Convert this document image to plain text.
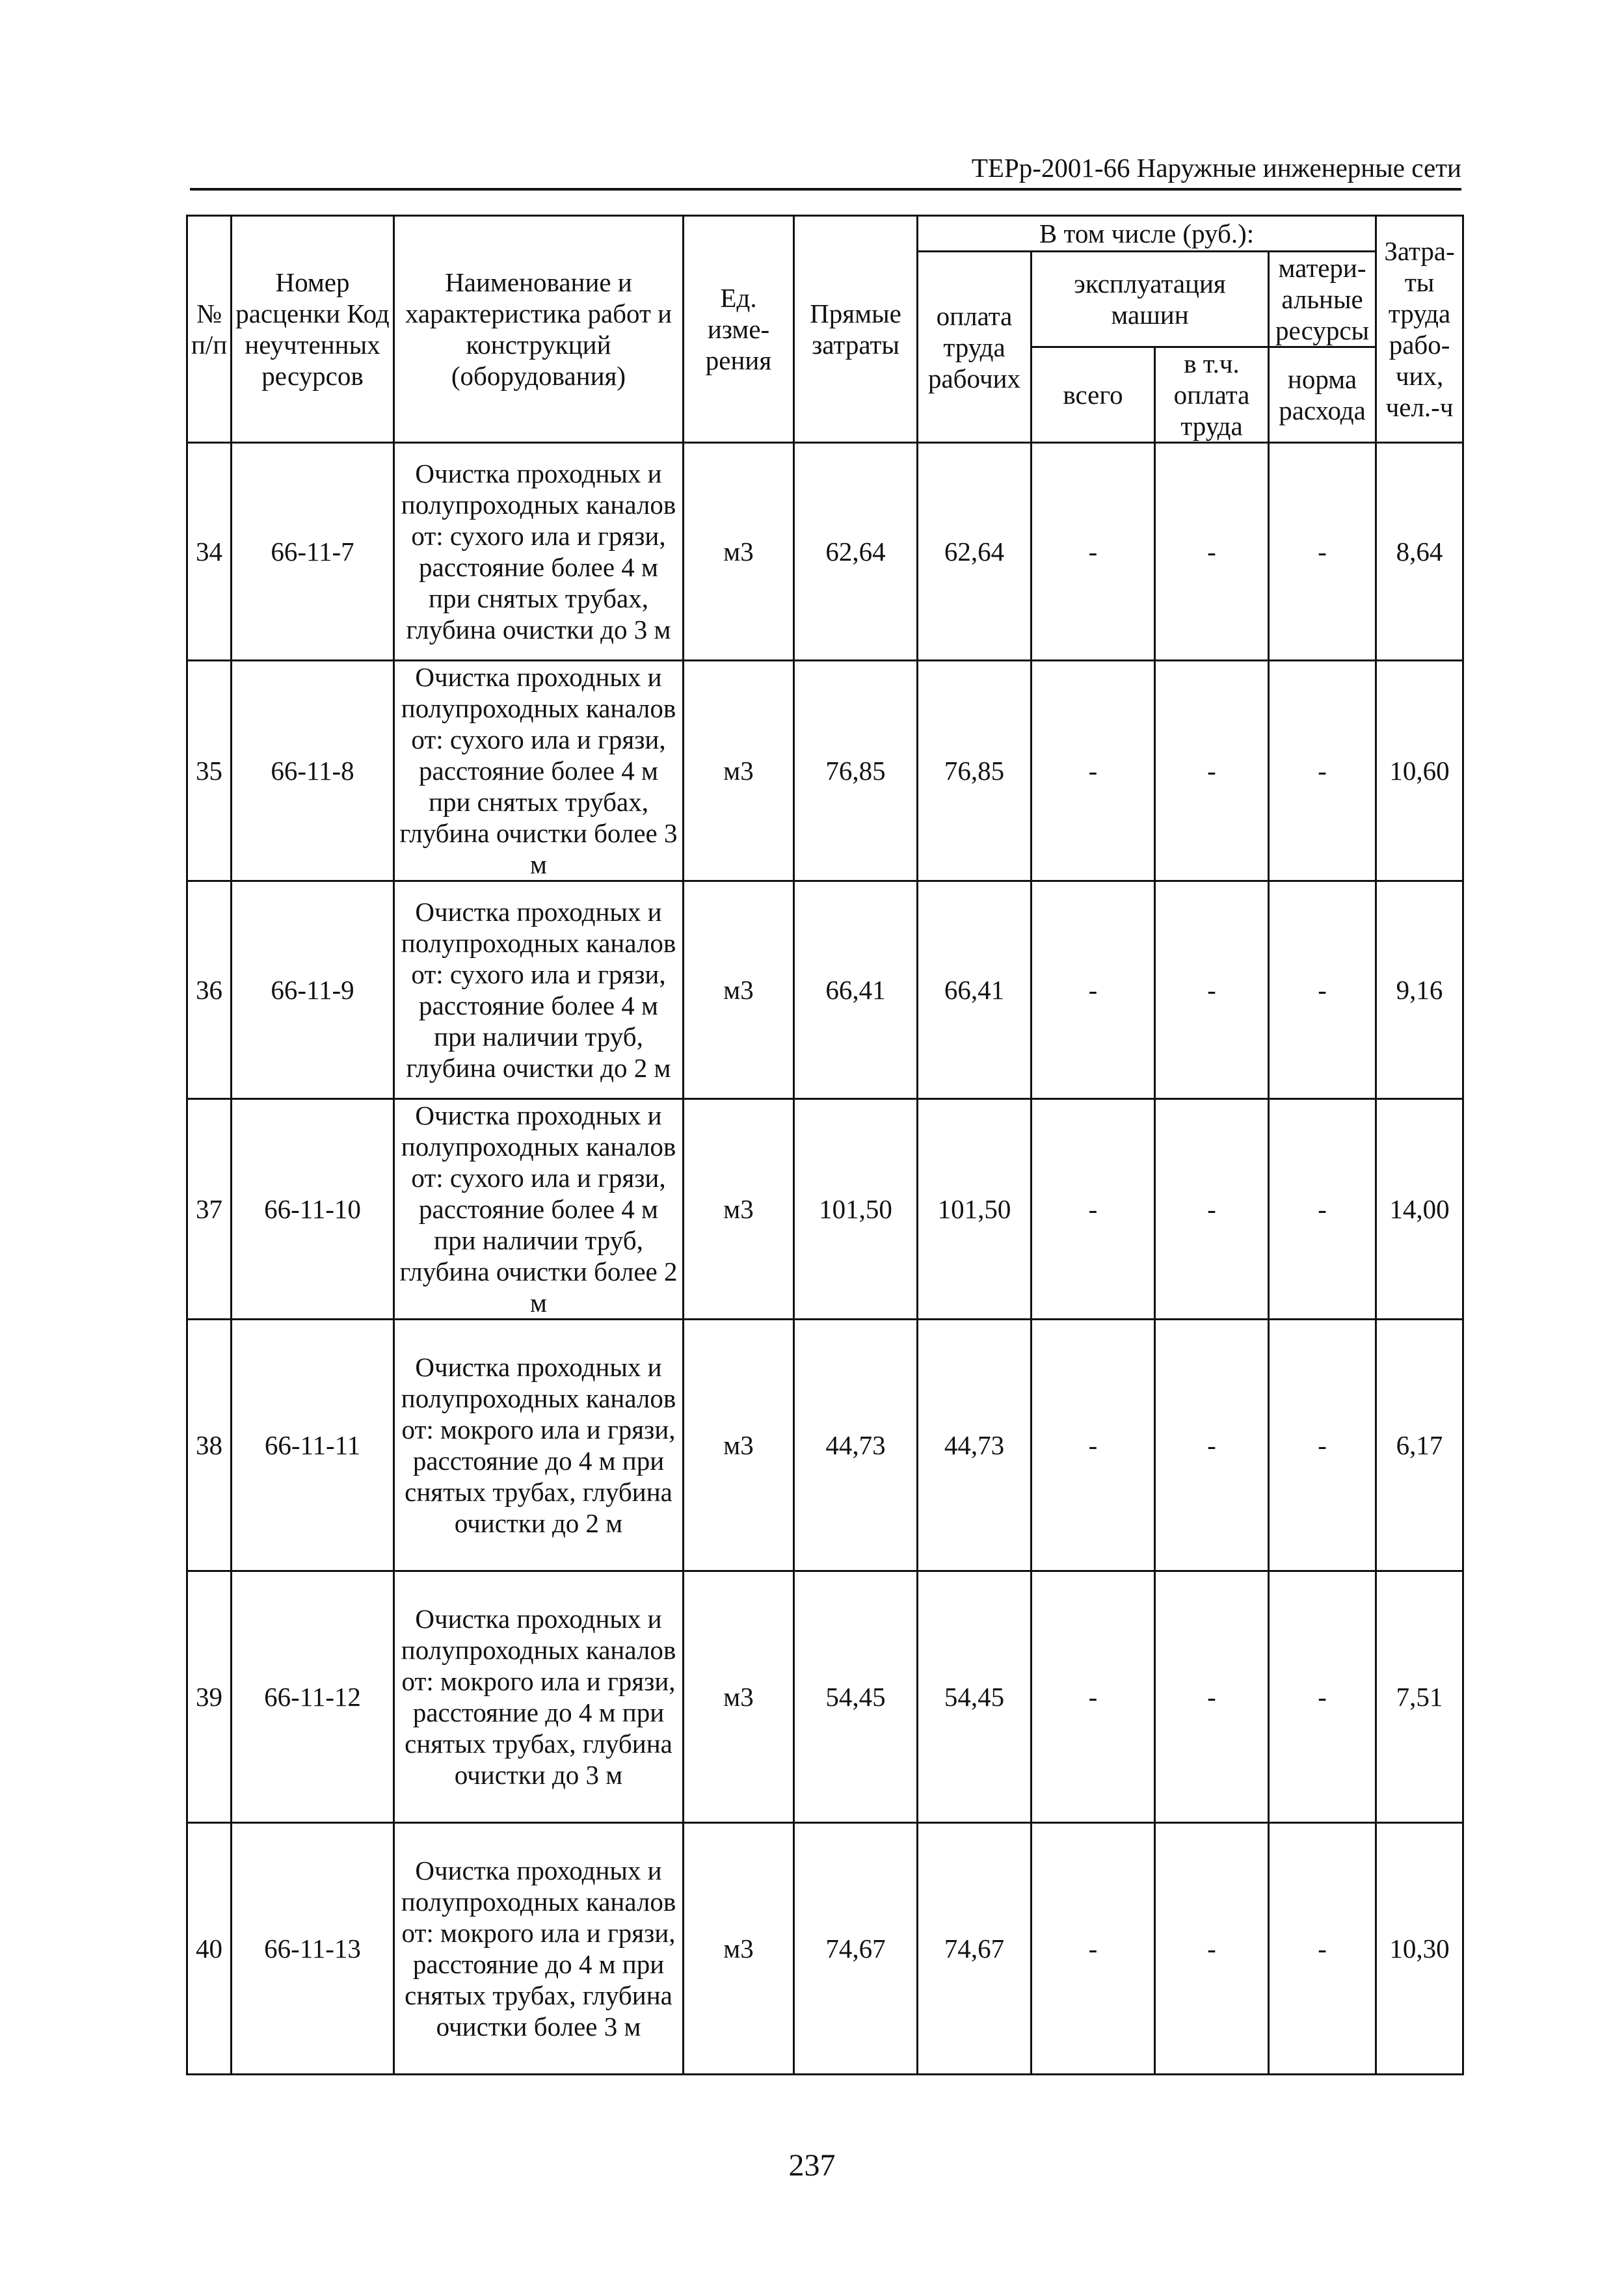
ТЕРр-2001-66 Наружные инженерные сети
№ п/п	Номер расценки Код неучтенных ресурсов	Наименование и характеристика работ и конструкций (оборудования)	Ед. изме-рения	Прямые затраты	В том числе (руб.):				Затра-ты труда рабо-чих, чел.-ч
					оплата труда рабочих	эксплуатация машин		матери-альные ресурсы	

						всего	в т.ч. оплата труда	норма расхода	
34	66-11-7	Очистка проходных и полупроходных каналов от: сухого ила и грязи, расстояние более 4 м при снятых трубах, глубина очистки до 3 м	м3	62,64	62,64	-	-	-	8,64
35	66-11-8	Очистка проходных и полупроходных каналов от: сухого ила и грязи, расстояние более 4 м при снятых трубах, глубина очистки более 3 м	м3	76,85	76,85	-	-	-	10,60
36	66-11-9	Очистка проходных и полупроходных каналов от: сухого ила и грязи, расстояние более 4 м при наличии труб, глубина очистки до 2 м	м3	66,41	66,41	-	-	-	9,16
37	66-11-10	Очистка проходных и полупроходных каналов от: сухого ила и грязи, расстояние более 4 м при наличии труб, глубина очистки более 2 м	м3	101,50	101,50	-	-	-	14,00
38	66-11-11	Очистка проходных и полупроходных каналов от: мокрого ила и грязи, расстояние до 4 м при снятых трубах, глубина очистки до 2 м	м3	44,73	44,73	-	-	-	6,17
39	66-11-12	Очистка проходных и полупроходных каналов от: мокрого ила и грязи, расстояние до 4 м при снятых трубах, глубина очистки до 3 м	м3	54,45	54,45	-	-	-	7,51
40	66-11-13	Очистка проходных и полупроходных каналов от: мокрого ила и грязи, расстояние до 4 м при снятых трубах, глубина очистки более 3 м	м3	74,67	74,67	-	-	-	10,30
237
